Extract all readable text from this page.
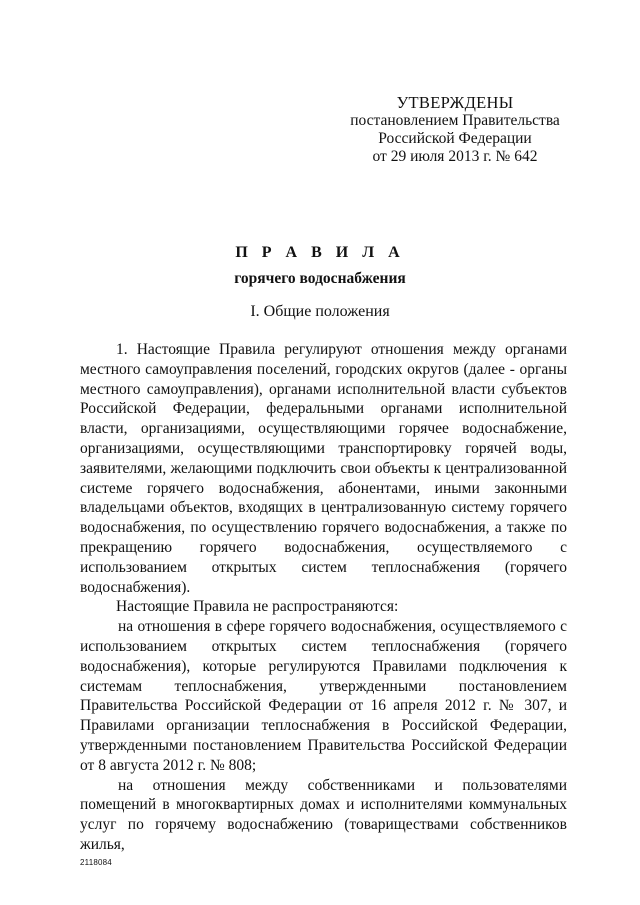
УТВЕРЖДЕНЫ
постановлением Правительства
Российской Федерации
от 29 июля 2013 г. № 642
П Р А В И Л А
горячего водоснабжения
I. Общие положения

1. Настоящие Правила регулируют отношения между органами местного самоуправления поселений, городских округов (далее - органы местного самоуправления), органами исполнительной власти субъектов Российской Федерации, федеральными органами исполнительной власти, организациями, осуществляющими горячее водоснабжение, организациями, осуществляющими транспортировку горячей воды, заявителями, желающими подключить свои объекты к централизованной системе горячего водоснабжения, абонентами, иными законными владельцами объектов, входящих в централизованную систему горячего водоснабжения, по осуществлению горячего водоснабжения, а также по прекращению горячего водоснабжения, осуществляемого с использованием открытых систем теплоснабжения (горячего водоснабжения).

Настоящие Правила не распространяются:

на отношения в сфере горячего водоснабжения, осуществляемого с использованием открытых систем теплоснабжения (горячего водоснабжения), которые регулируются Правилами подключения к системам теплоснабжения, утвержденными постановлением Правительства Российской Федерации от 16 апреля 2012 г. № 307, и Правилами организации теплоснабжения в Российской Федерации, утвержденными постановлением Правительства Российской Федерации от 8 августа 2012 г. № 808;

на отношения между собственниками и пользователями помещений в многоквартирных домах и исполнителями коммунальных услуг по горячему водоснабжению (товариществами собственников жилья,

2118084
